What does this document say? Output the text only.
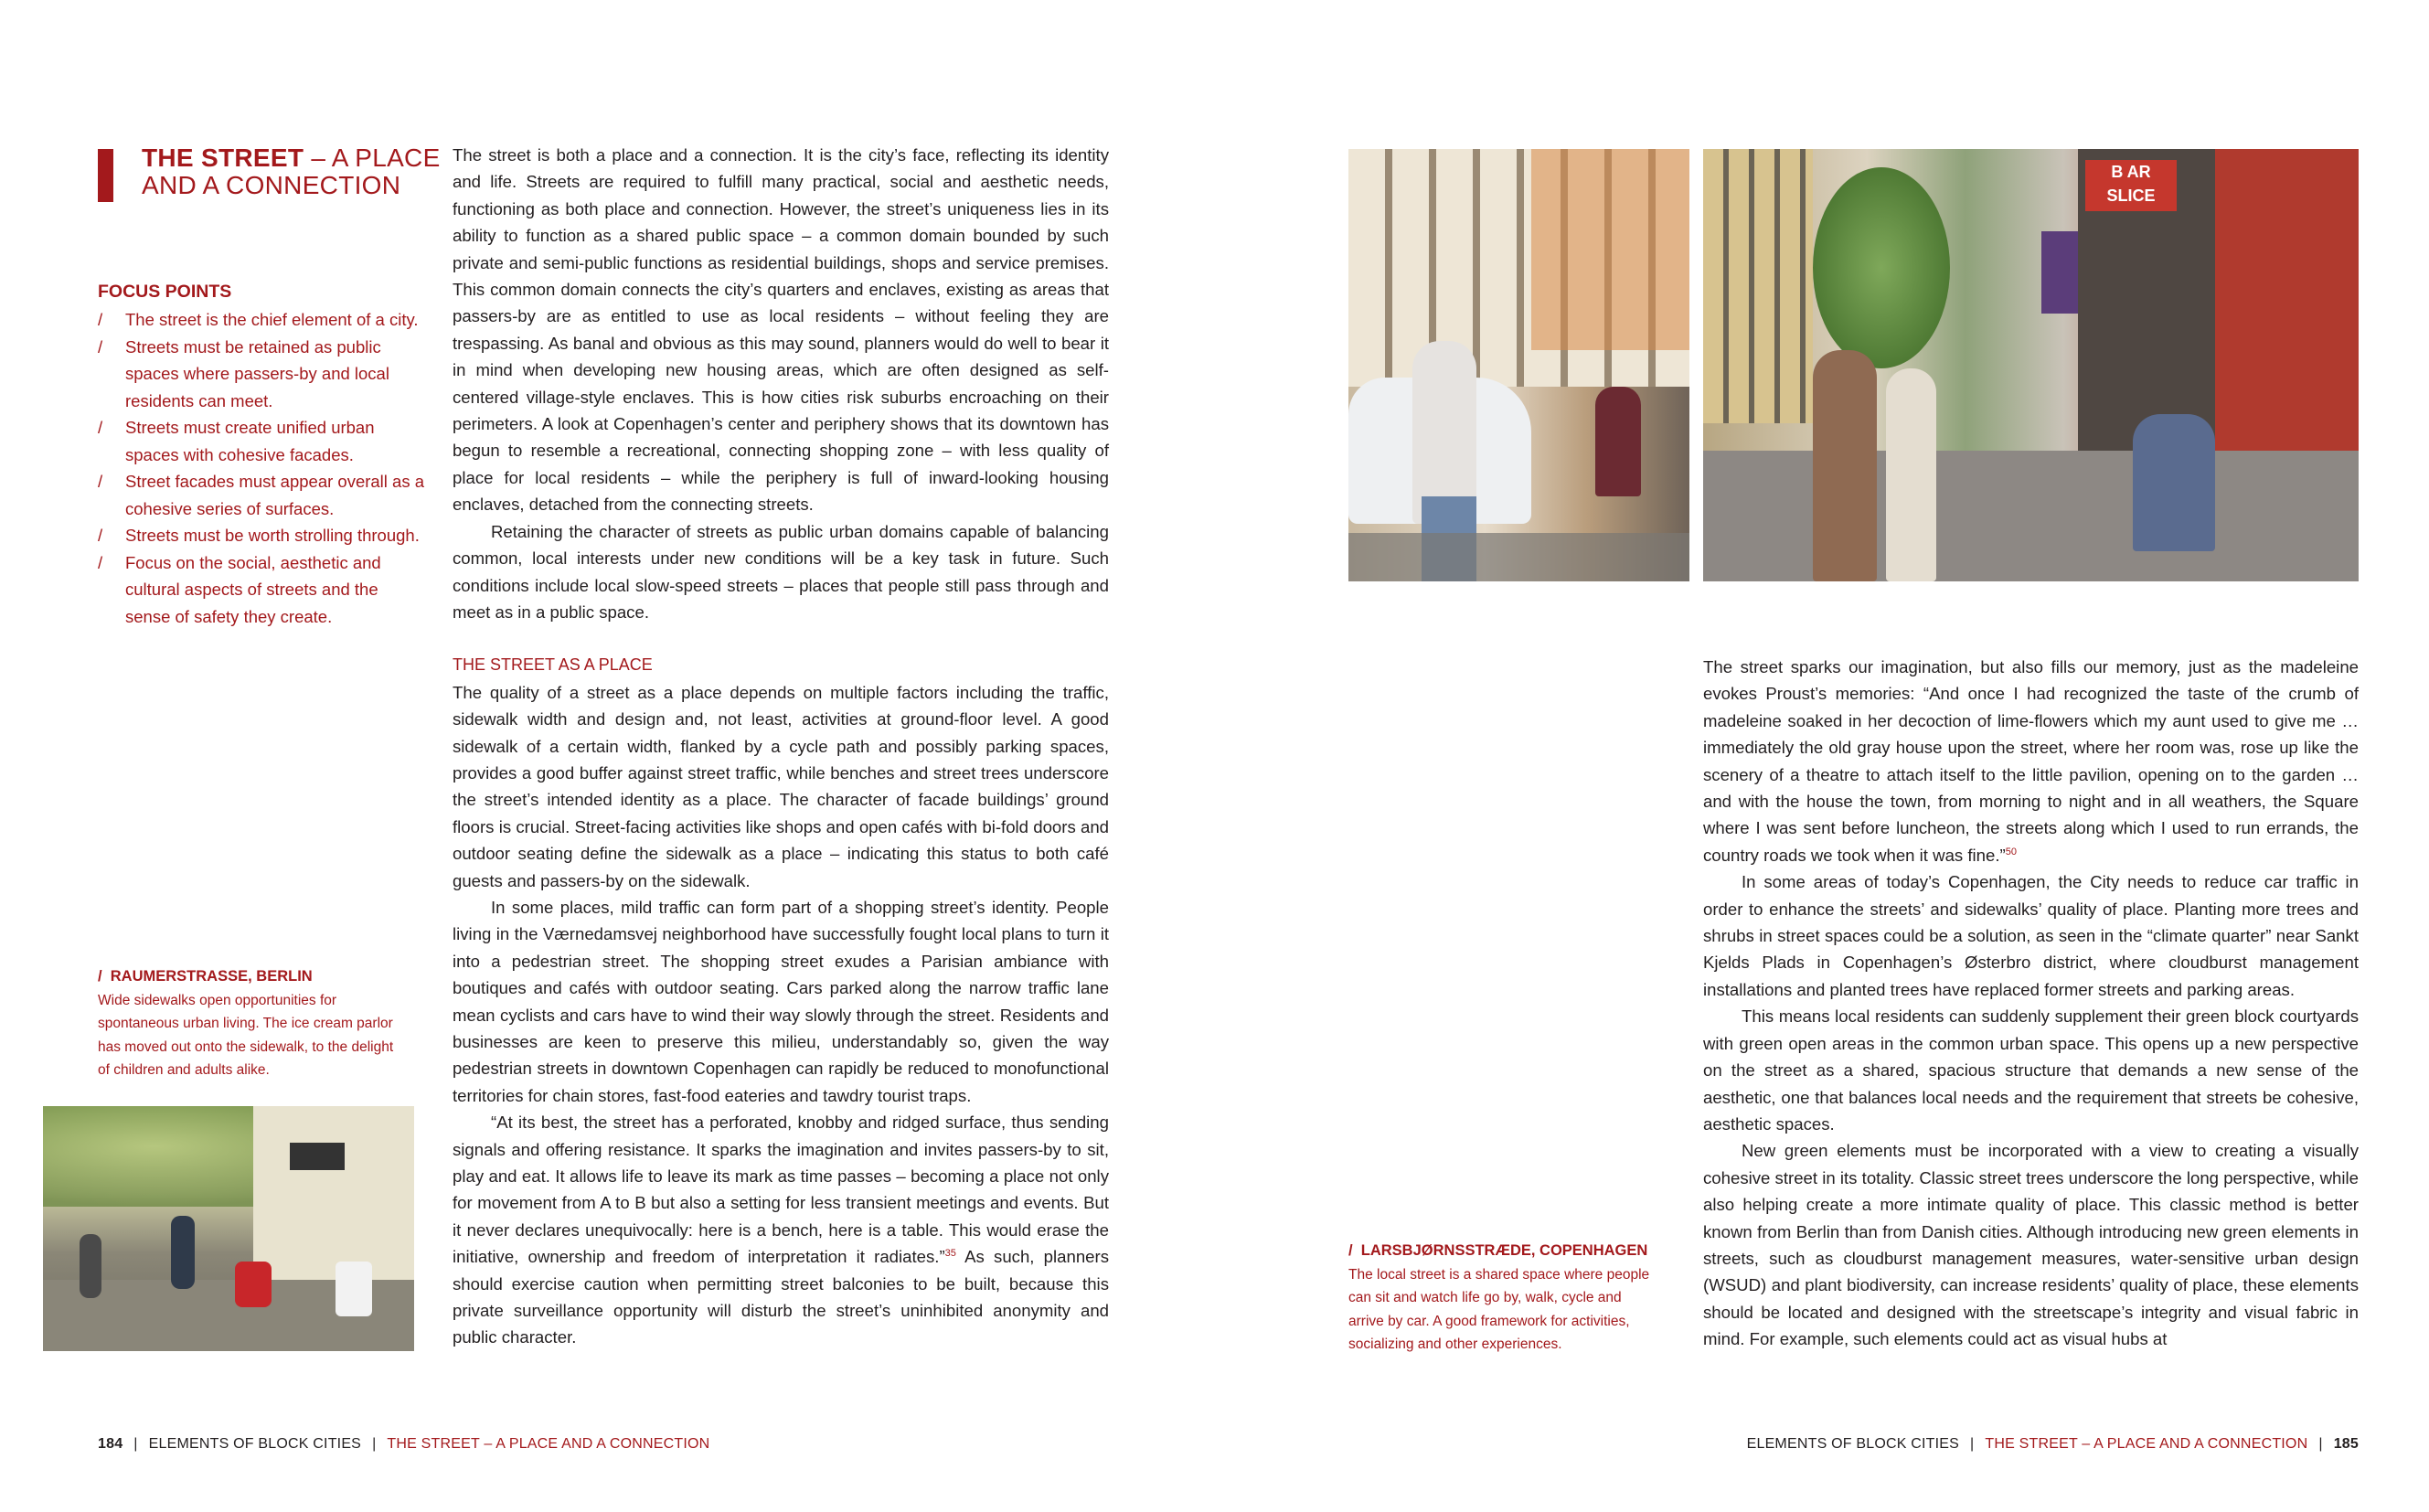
THE STREET – A PLACE
AND A CONNECTION
FOCUS POINTS
/ The street is the chief element of a city.
/ Streets must be retained as public spaces where passers-by and local residents can meet.
/ Streets must create unified urban spaces with cohesive facades.
/ Street facades must appear overall as a cohesive series of surfaces.
/ Streets must be worth strolling through.
/ Focus on the social, aesthetic and cultural aspects of streets and the sense of safety they create.

The street is both a place and a connection. It is the city’s face, reflecting its identity and life. Streets are required to fulfill many practical, social and aesthetic needs, functioning as both place and connection. However, the street’s uniqueness lies in its ability to function as a shared public space – a common domain bounded by such private and semi-public functions as residential buildings, shops and service premises. This common domain connects the city’s quarters and enclaves, existing as areas that passers-by are as entitled to use as local residents – without feeling they are trespassing. As banal and obvious as this may sound, planners would do well to bear it in mind when developing new housing areas, which are often designed as self-centered village-style enclaves. This is how cities risk suburbs encroaching on their perimeters. A look at Copenhagen’s center and periphery shows that its downtown has begun to resemble a recreational, connecting shopping zone – with less quality of place for local residents – while the periphery is full of inward-looking housing enclaves, detached from the connecting streets.

Retaining the character of streets as public urban domains capable of balancing common, local interests under new conditions will be a key task in future. Such conditions include local slow-speed streets – places that people still pass through and meet as in a public space.

THE STREET AS A PLACE

The quality of a street as a place depends on multiple factors including the traffic, sidewalk width and design and, not least, activities at ground-floor level. A good sidewalk of a certain width, flanked by a cycle path and possibly parking spaces, provides a good buffer against street traffic, while benches and street trees underscore the street’s intended identity as a place. The character of facade buildings’ ground floors is crucial. Street-facing activities like shops and open cafés with bi-fold doors and outdoor seating define the sidewalk as a place – indicating this status to both café guests and passers-by on the sidewalk.

In some places, mild traffic can form part of a shopping street’s identity. People living in the Værnedamsvej neighborhood have successfully fought local plans to turn it into a pedestrian street. The shopping street exudes a Parisian ambiance with boutiques and cafés with outdoor seating. Cars parked along the narrow traffic lane mean cyclists and cars have to wind their way slowly through the street. Residents and businesses are keen to preserve this milieu, understandably so, given the way pedestrian streets in downtown Copenhagen can rapidly be reduced to monofunctional territories for chain stores, fast-food eateries and tawdry tourist traps.

“At its best, the street has a perforated, knobby and ridged surface, thus sending signals and offering resistance. It sparks the imagination and invites passers-by to sit, play and eat. It allows life to leave its mark as time passes – becoming a place not only for movement from A to B but also a setting for less transient meetings and events. But it never declares unequivocally: here is a bench, here is a table. This would erase the initiative, ownership and freedom of interpretation it radiates.”$^{35}$ As such, planners should exercise caution when permitting street balconies to be built, because this private surveillance opportunity will disturb the street’s uninhibited anonymity and public character.

/ RAUMERSTRASSE, BERLIN
Wide sidewalks open opportunities for spontaneous urban living. The ice cream parlor has moved out onto the sidewalk, to the delight of children and adults alike.
184 | ELEMENTS OF BLOCK CITIES | THE STREET – A PLACE AND A CONNECTION
B AR SLICE

The street sparks our imagination, but also fills our memory, just as the madeleine evokes Proust’s memories: “And once I had recognized the taste of the crumb of madeleine soaked in her decoction of lime-flowers which my aunt used to give me … immediately the old gray house upon the street, where her room was, rose up like the scenery of a theatre to attach itself to the little pavilion, opening on to the garden … and with the house the town, from morning to night and in all weathers, the Square where I was sent before luncheon, the streets along which I used to run errands, the country roads we took when it was fine.”$^{50}$

In some areas of today’s Copenhagen, the City needs to reduce car traffic in order to enhance the streets’ and sidewalks’ quality of place. Planting more trees and shrubs in street spaces could be a solution, as seen in the “climate quarter” near Sankt Kjelds Plads in Copenhagen’s Østerbro district, where cloudburst management installations and planted trees have replaced former streets and parking areas.

This means local residents can suddenly supplement their green block courtyards with green open areas in the common urban space. This opens up a new perspective on the street as a shared, spacious structure that demands a new sense of the aesthetic, one that balances local needs and the requirement that streets be cohesive, aesthetic spaces.

New green elements must be incorporated with a view to creating a visually cohesive street in its totality. Classic street trees underscore the long perspective, while also helping create a more intimate quality of place. This classic method is better known from Berlin than from Danish cities. Although introducing new green elements in streets, such as cloudburst management measures, water-sensitive urban design (WSUD) and plant biodiversity, can increase residents’ quality of place, these elements should be located and designed with the streetscape’s integrity and visual fabric in mind. For example, such elements could act as visual hubs at

/ LARSBJØRNSSTRÆDE, COPENHAGEN
The local street is a shared space where people can sit and watch life go by, walk, cycle and arrive by car. A good framework for activities, socializing and other experiences.
ELEMENTS OF BLOCK CITIES | THE STREET – A PLACE AND A CONNECTION | 185
